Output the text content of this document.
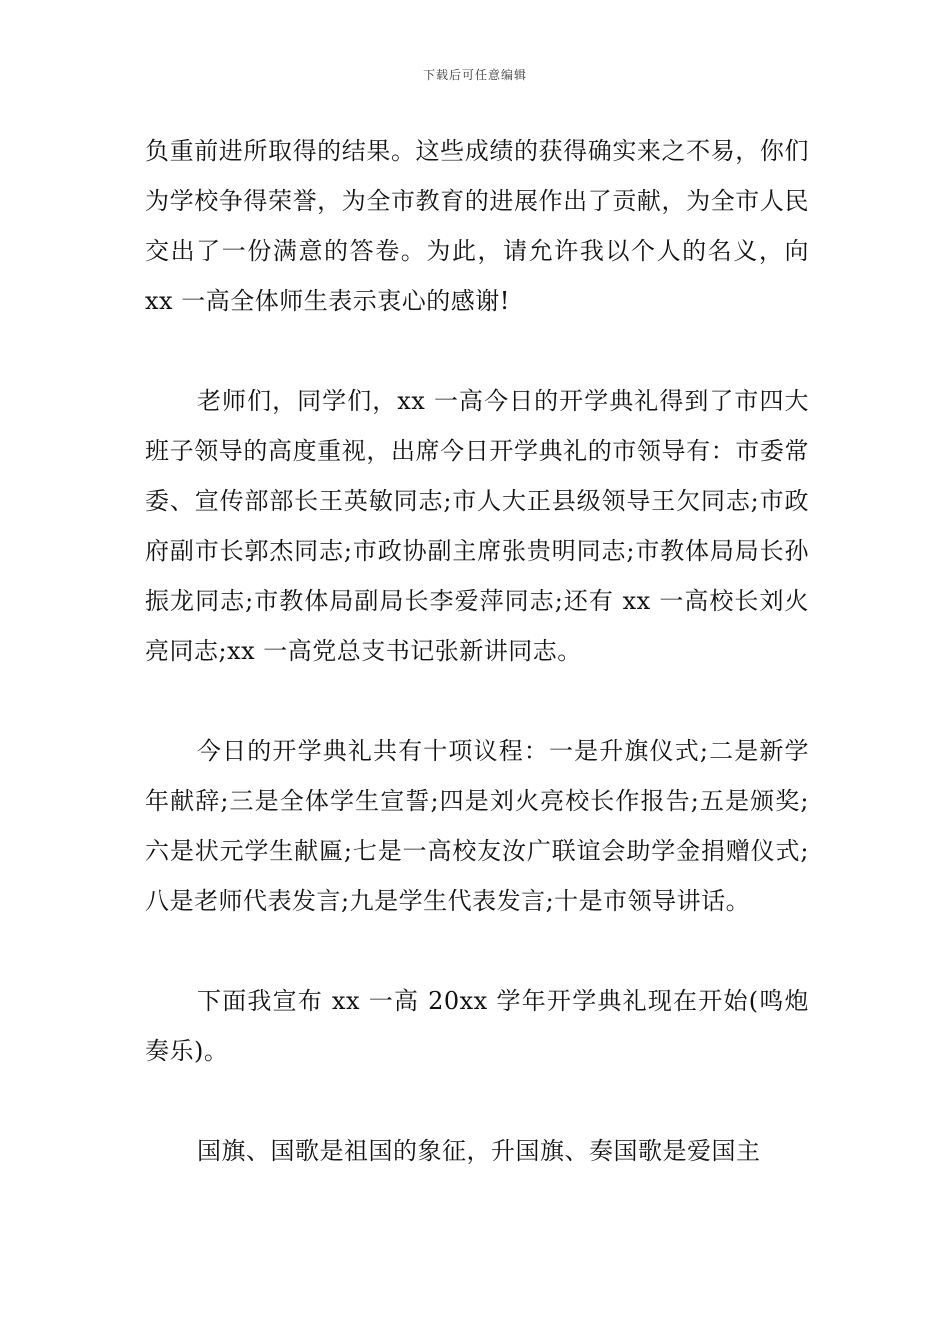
下载后可任意编辑

负重前进所取得的结果。这些成绩的获得确实来之不易，你们为学校争得荣誉，为全市教育的进展作出了贡献，为全市人民交出了一份满意的答卷。为此，请允许我以个人的名义，向 xx 一高全体师生表示衷心的感谢!

老师们，同学们，xx 一高今日的开学典礼得到了市四大班子领导的高度重视，出席今日开学典礼的市领导有：市委常委、宣传部部长王英敏同志;市人大正县级领导王欠同志;市政府副市长郭杰同志;市政协副主席张贵明同志;市教体局局长孙振龙同志;市教体局副局长李爱萍同志;还有 xx 一高校长刘火亮同志;xx 一高党总支书记张新讲同志。

今日的开学典礼共有十项议程：一是升旗仪式;二是新学年献辞;三是全体学生宣誓;四是刘火亮校长作报告;五是颁奖;六是状元学生献匾;七是一高校友汝广联谊会助学金捐赠仪式;八是老师代表发言;九是学生代表发言;十是市领导讲话。

下面我宣布 xx 一高 20xx 学年开学典礼现在开始(鸣炮奏乐)。

国旗、国歌是祖国的象征，升国旗、奏国歌是爱国主
